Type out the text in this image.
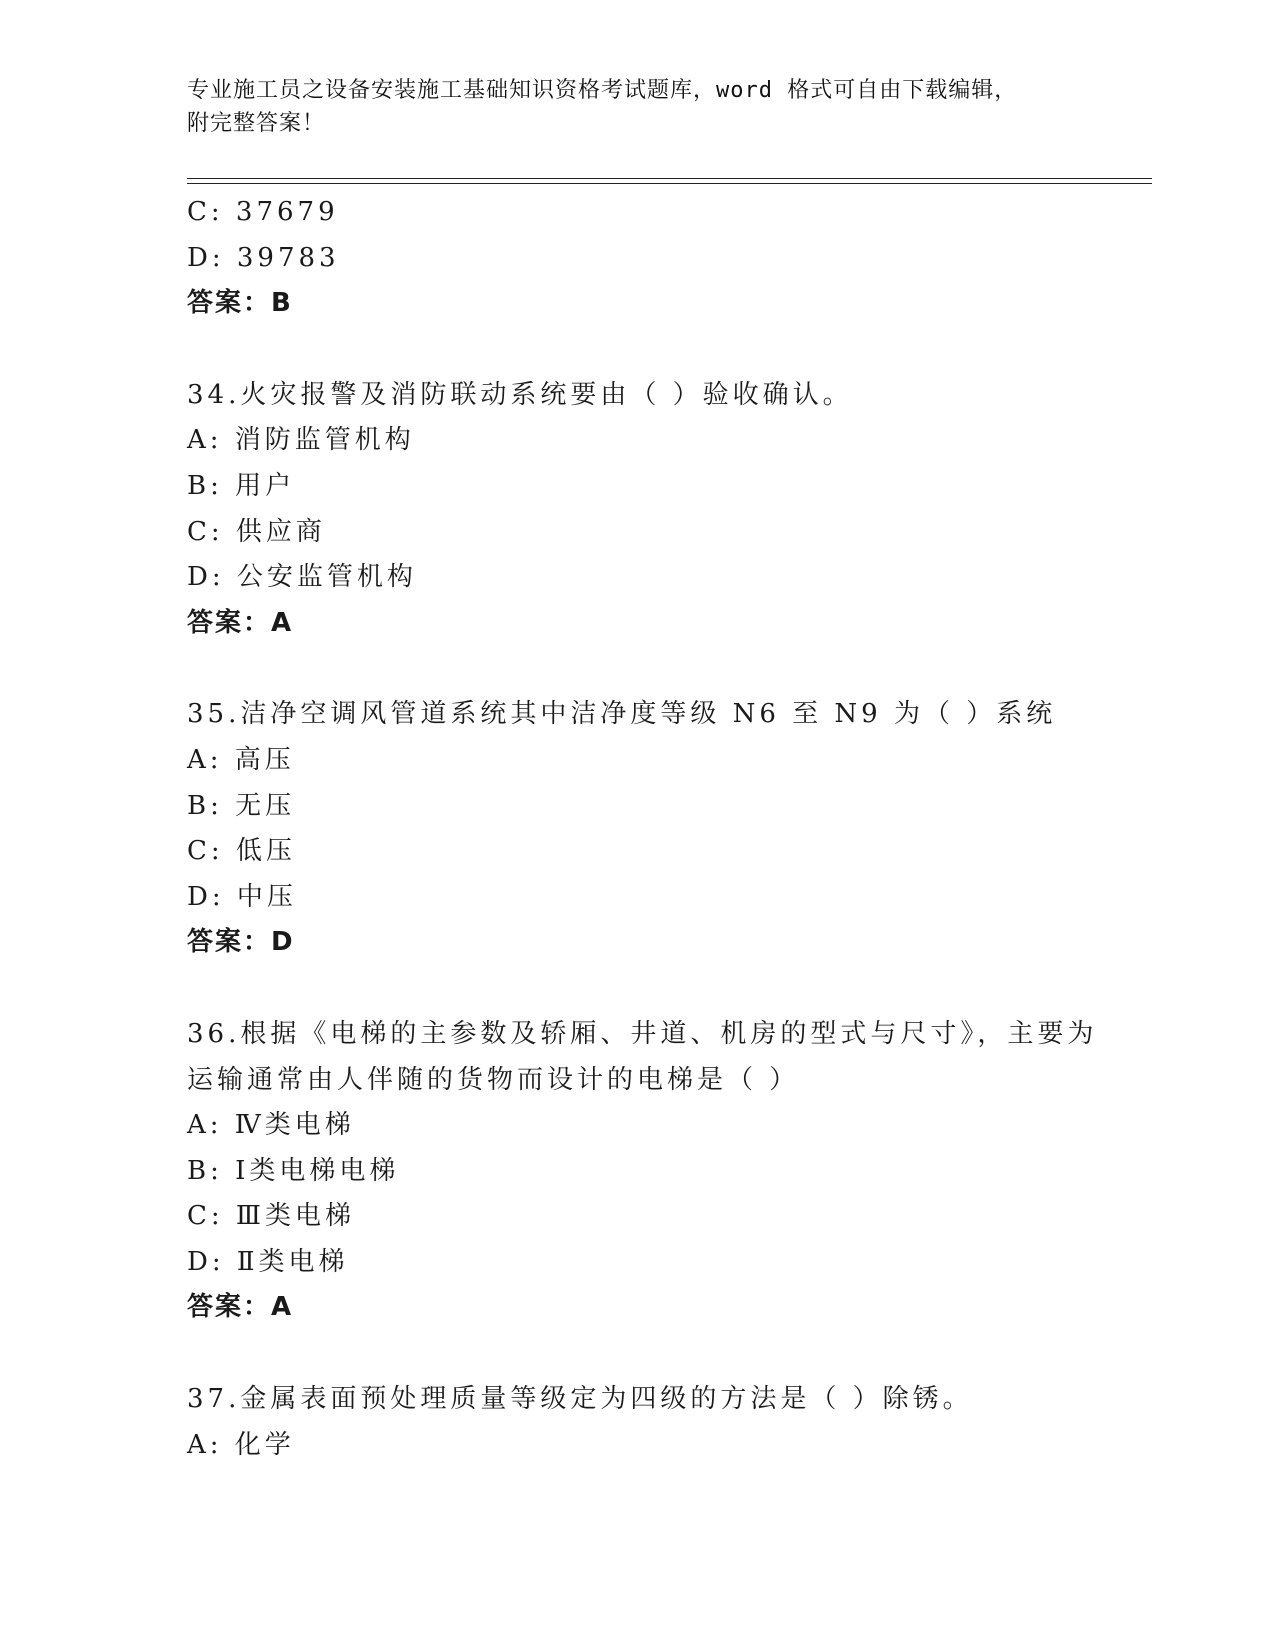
专业施工员之设备安装施工基础知识资格考试题库，word 格式可自由下载编辑，
附完整答案！
C: 37679
D: 39783
答案：B
34.火灾报警及消防联动系统要由（ ）验收确认。
A: 消防监管机构
B: 用户
C: 供应商
D: 公安监管机构
答案：A
35.洁净空调风管道系统其中洁净度等级 N6 至 N9 为（ ）系统
A: 高压
B: 无压
C: 低压
D: 中压
答案：D
36.根据《电梯的主参数及轿厢、井道、机房的型式与尺寸》，主要为
运输通常由人伴随的货物而设计的电梯是（ ）
A: Ⅳ类电梯
B: Ⅰ类电梯电梯
C: Ⅲ类电梯
D: Ⅱ类电梯
答案：A
37.金属表面预处理质量等级定为四级的方法是（ ）除锈。
A: 化学
